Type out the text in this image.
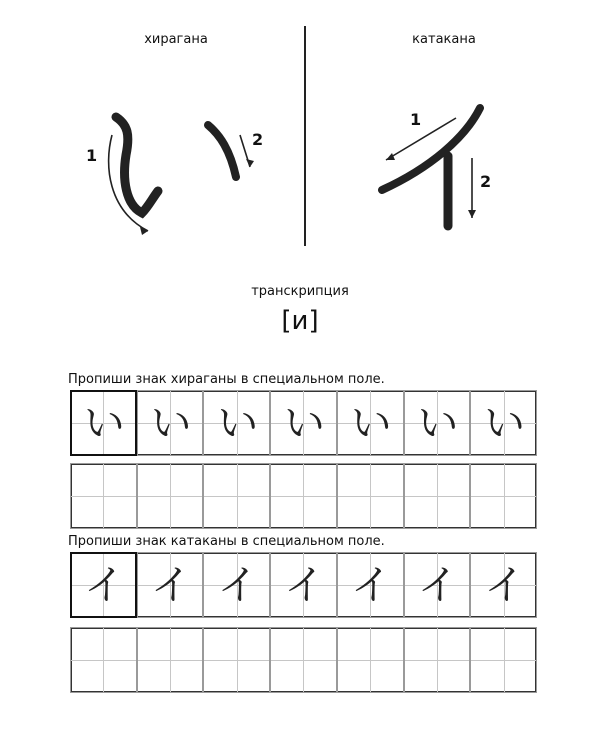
хирагана	катакана
1
2
1
2
транскрипция
[и]
Пропиши знак хираганы в специальном поле.
い い い い い い い
Пропиши знак катаканы в специальном поле.
イ イ イ イ イ イ イ
